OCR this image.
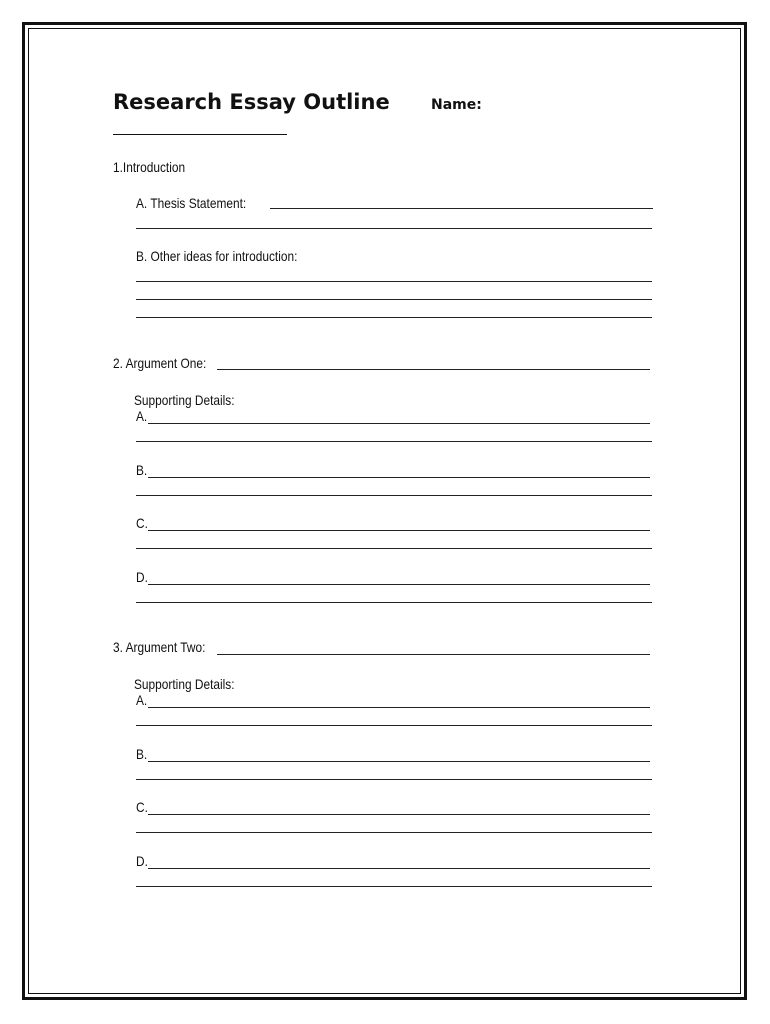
Research Essay Outline	Name:
1.Introduction
A. Thesis Statement:
B. Other ideas for introduction:
2. Argument One:
Supporting Details:
A.
B.
C.
D.
3. Argument Two:
Supporting Details:
A.
B.
C.
D.
